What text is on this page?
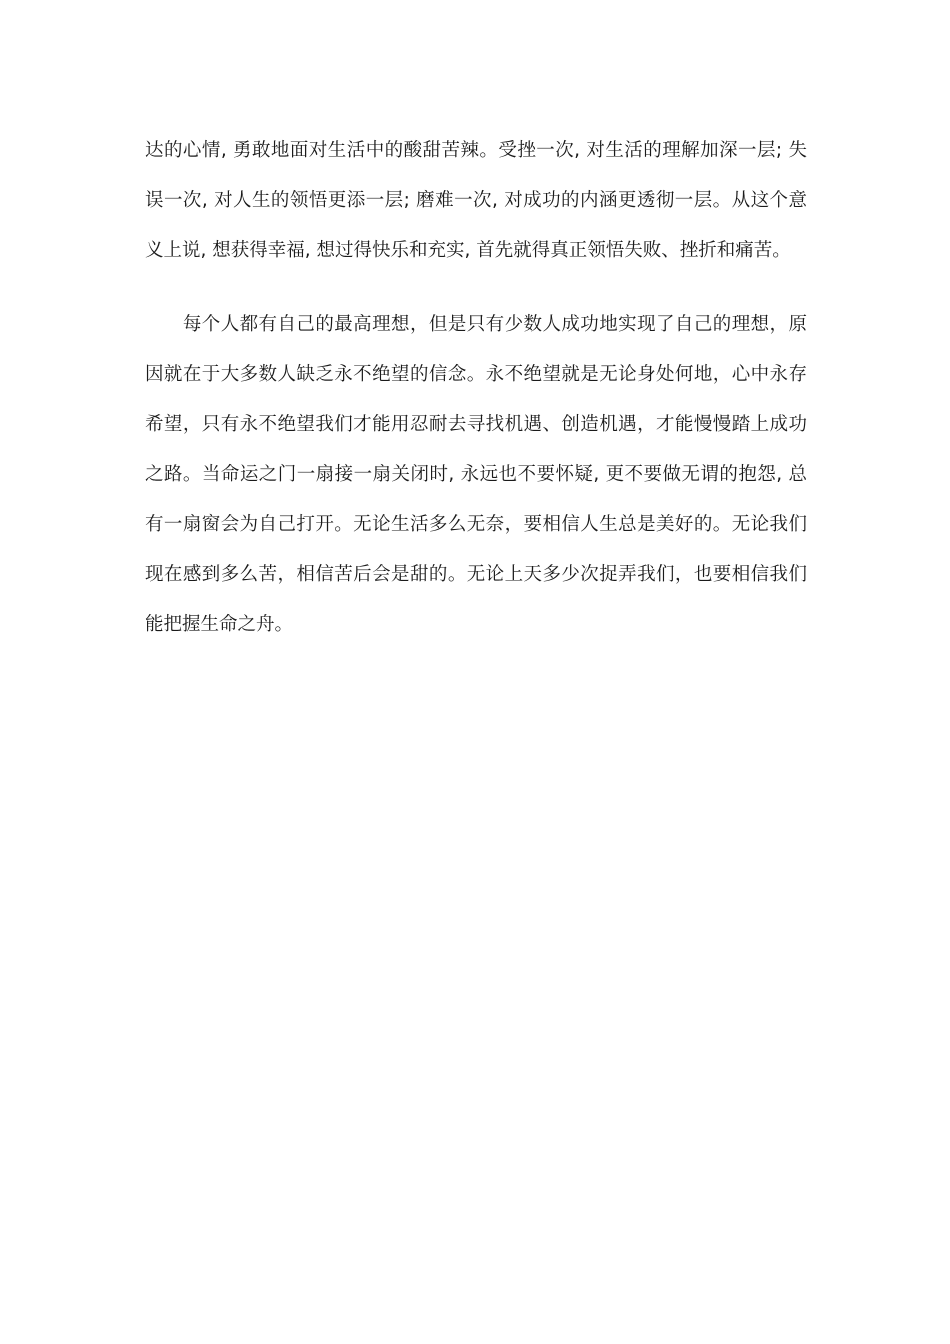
达的心情, 勇敢地面对生活中的酸甜苦辣。受挫一次, 对生活的理解加深一层; 失
误一次, 对人生的领悟更添一层; 磨难一次, 对成功的内涵更透彻一层。从这个意
义上说, 想获得幸福, 想过得快乐和充实, 首先就得真正领悟失败、挫折和痛苦。
　　每个人都有自己的最高理想，但是只有少数人成功地实现了自己的理想，原
因就在于大多数人缺乏永不绝望的信念。永不绝望就是无论身处何地，心中永存
希望，只有永不绝望我们才能用忍耐去寻找机遇、创造机遇，才能慢慢踏上成功
之路。当命运之门一扇接一扇关闭时, 永远也不要怀疑, 更不要做无谓的抱怨, 总
有一扇窗会为自己打开。无论生活多么无奈，要相信人生总是美好的。无论我们
现在感到多么苦，相信苦后会是甜的。无论上天多少次捉弄我们，也要相信我们
能把握生命之舟。
